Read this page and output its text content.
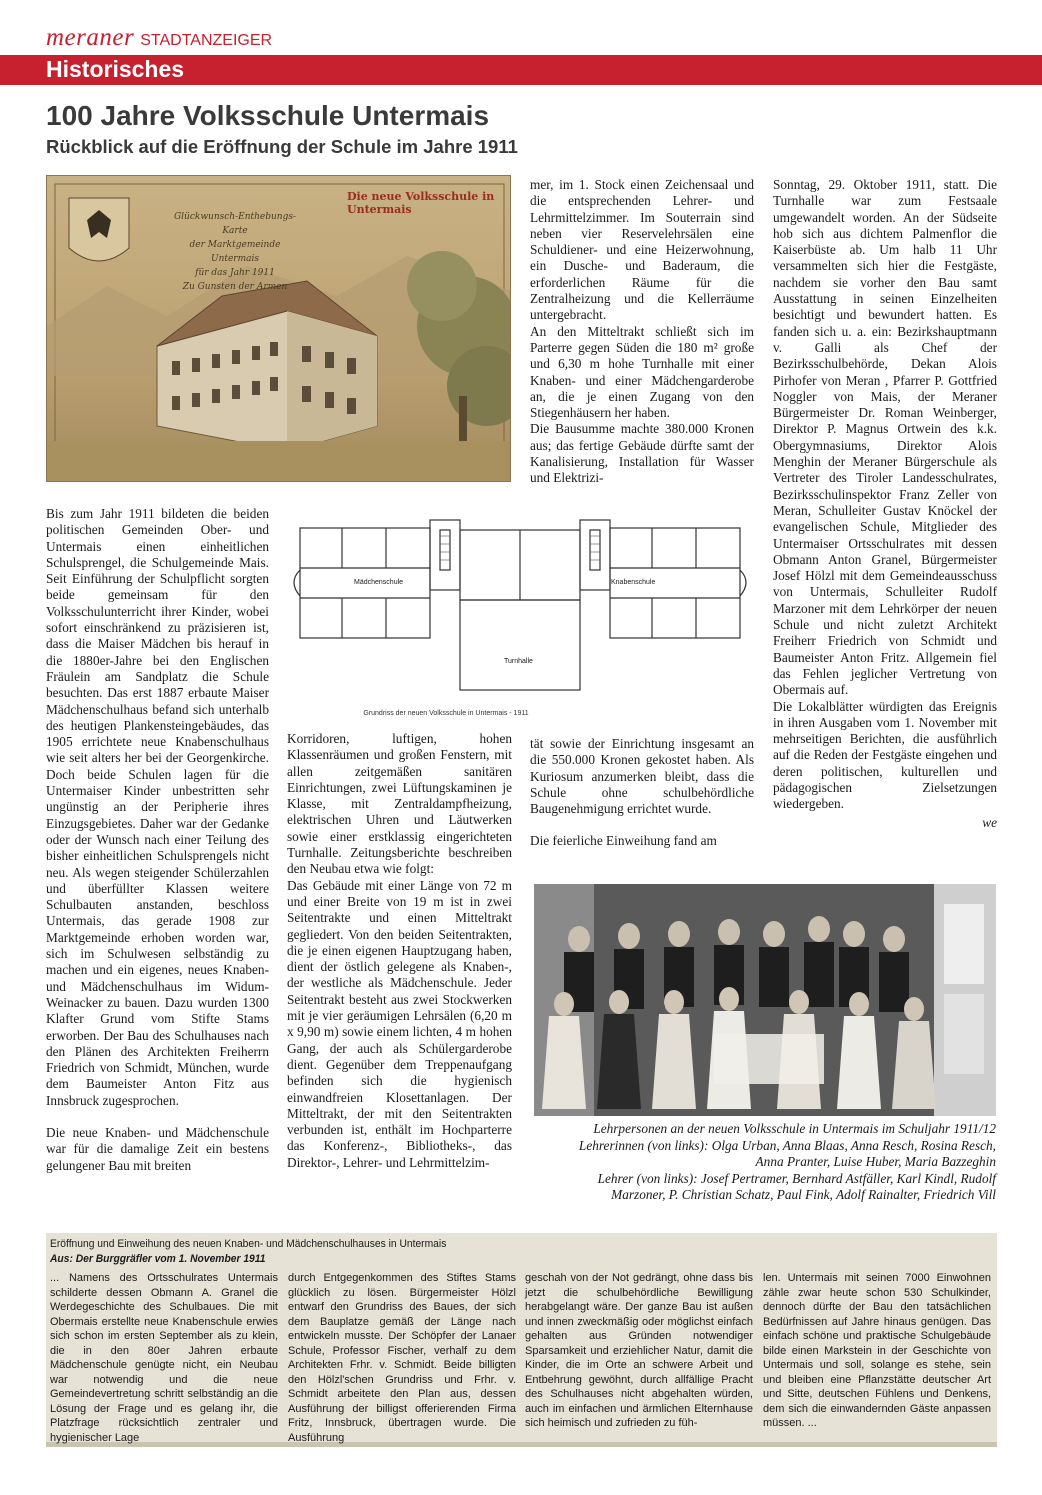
meraner STADTANZEIGER
Historisches
100 Jahre Volksschule Untermais
Rückblick auf die Eröffnung der Schule im Jahre 1911
Die neue Volksschule in Untermais
Glückwunsch-Enthebungs-Karte
der Marktgemeinde Untermais
für das Jahr 1911
Zu Gunsten der Armen

Bis zum Jahr 1911 bildeten die beiden politischen Gemeinden Ober- und Untermais einen einheitlichen Schulsprengel, die Schulgemeinde Mais. Seit Einführung der Schulpflicht sorgten beide gemeinsam für den Volksschulunterricht ihrer Kinder, wobei sofort einschränkend zu präzisieren ist, dass die Maiser Mädchen bis herauf in die 1880er-Jahre bei den Englischen Fräulein am Sandplatz die Schule besuchten. Das erst 1887 erbaute Maiser Mädchenschulhaus befand sich unterhalb des heutigen Plankensteingebäudes, das 1905 errichtete neue Knabenschulhaus wie seit alters her bei der Georgenkirche. Doch beide Schulen lagen für die Untermaiser Kinder unbestritten sehr ungünstig an der Peripherie ihres Einzugsgebietes. Daher war der Gedanke oder der Wunsch nach einer Teilung des bisher einheitlichen Schulsprengels nicht neu. Als wegen steigender Schülerzahlen und überfüllter Klassen weitere Schulbauten anstanden, beschloss Untermais, das gerade 1908 zur Marktgemeinde erhoben worden war, sich im Schulwesen selbständig zu machen und ein eigenes, neues Knaben- und Mädchenschulhaus im Widum-Weinacker zu bauen. Dazu wurden 1300 Klafter Grund vom Stifte Stams erworben. Der Bau des Schulhauses nach den Plänen des Architekten Freiherrn Friedrich von Schmidt, München, wurde dem Baumeister Anton Fitz aus Innsbruck zugesprochen.

Die neue Knaben- und Mädchenschule war für die damalige Zeit ein bestens gelungener Bau mit breiten

Mädchenschule	Knabenschule
Turnhalle
Grundriss der neuen Volksschule in Untermais - 1911

Korridoren, luftigen, hohen Klassenräumen und großen Fenstern, mit allen zeitgemäßen sanitären Einrichtungen, zwei Lüftungskaminen je Klasse, mit Zentraldampfheizung, elektrischen Uhren und Läutwerken sowie einer erstklassig eingerichteten Turnhalle. Zeitungsberichte beschreiben den Neubau etwa wie folgt:

Das Gebäude mit einer Länge von 72 m und einer Breite von 19 m ist in zwei Seitentrakte und einen Mitteltrakt gegliedert. Von den beiden Seitentrakten, die je einen eigenen Hauptzugang haben, dient der östlich gelegene als Knaben-, der westliche als Mädchenschule. Jeder Seitentrakt besteht aus zwei Stockwerken mit je vier geräumigen Lehrsälen (6,20 m x 9,90 m) sowie einem lichten, 4 m hohen Gang, der auch als Schülergarderobe dient. Gegenüber dem Treppenaufgang befinden sich die hygienisch einwandfreien Klosettanlagen. Der Mitteltrakt, der mit den Seitentrakten verbunden ist, enthält im Hochparterre das Konferenz-, Bibliotheks-, das Direktor-, Lehrer- und Lehrmittelzim-

mer, im 1. Stock einen Zeichensaal und die entsprechenden Lehrer- und Lehrmittelzimmer. Im Souterrain sind neben vier Reservelehrsälen eine Schuldiener- und eine Heizerwohnung, ein Dusche- und Baderaum, die erforderlichen Räume für die Zentralheizung und die Kellerräume untergebracht.

An den Mitteltrakt schließt sich im Parterre gegen Süden die 180 m² große und 6,30 m hohe Turnhalle mit einer Knaben- und einer Mädchengarderobe an, die je einen Zugang von den Stiegenhäusern her haben.

Die Bausumme machte 380.000 Kronen aus; das fertige Gebäude dürfte samt der Kanalisierung, Installation für Wasser und Elektrizi-

tät sowie der Einrichtung insgesamt an die 550.000 Kronen gekostet haben. Als Kuriosum anzumerken bleibt, dass die Schule ohne schulbehördliche Baugenehmigung errichtet wurde.

Die feierliche Einweihung fand am

Sonntag, 29. Oktober 1911, statt. Die Turnhalle war zum Festsaale umgewandelt worden. An der Südseite hob sich aus dichtem Palmenflor die Kaiserbüste ab. Um halb 11 Uhr versammelten sich hier die Festgäste, nachdem sie vorher den Bau samt Ausstattung in seinen Einzelheiten besichtigt und bewundert hatten. Es fanden sich u. a. ein: Bezirkshauptmann v. Galli als Chef der Bezirksschulbehörde, Dekan Alois Pirhofer von Meran , Pfarrer P. Gottfried Noggler von Mais, der Meraner Bürgermeister Dr. Roman Weinberger, Direktor P. Magnus Ortwein des k.k. Obergymnasiums, Direktor Alois Menghin der Meraner Bürgerschule als Vertreter des Tiroler Landesschulrates, Bezirksschulinspektor Franz Zeller von Meran, Schulleiter Gustav Knöckel der evangelischen Schule, Mitglieder des Untermaiser Ortsschulrates mit dessen Obmann Anton Granel, Bürgermeister Josef Hölzl mit dem Gemeindeausschuss von Untermais, Schulleiter Rudolf Marzoner mit dem Lehrkörper der neuen Schule und nicht zuletzt Architekt Freiherr Friedrich von Schmidt und Baumeister Anton Fritz. Allgemein fiel das Fehlen jeglicher Vertretung von Obermais auf.

Die Lokalblätter würdigten das Ereignis in ihren Ausgaben vom 1. November mit mehrseitigen Berichten, die ausführlich auf die Reden der Festgäste eingehen und deren politischen, kulturellen und pädagogischen Zielsetzungen wiedergeben.

we
Lehrpersonen an der neuen Volksschule in Untermais im Schuljahr 1911/12
Lehrerinnen (von links): Olga Urban, Anna Blaas, Anna Resch, Rosina Resch,
Anna Pranter, Luise Huber, Maria Bazzeghin
Lehrer (von links): Josef Pertramer, Bernhard Astfäller, Karl Kindl, Rudolf
Marzoner, P. Christian Schatz, Paul Fink, Adolf Rainalter, Friedrich Vill
Eröffnung und Einweihung des neuen Knaben- und Mädchenschulhauses in Untermais
Aus: Der Burggräfler vom 1. November 1911
... Namens des Ortsschulrates Untermais schilderte dessen Obmann A. Granel die Werdegeschichte des Schulbaues. Die mit Obermais erstellte neue Knabenschule erwies sich schon im ersten September als zu klein, die in den 80er Jahren erbaute Mädchenschule genügte nicht, ein Neubau war notwendig und die neue Gemeindevertretung schritt selbständig an die Lösung der Frage und es gelang ihr, die Platzfrage rücksichtlich zentraler und hygienischer Lage
durch Entgegenkommen des Stiftes Stams glücklich zu lösen. Bürgermeister Hölzl entwarf den Grundriss des Baues, der sich dem Bauplatze gemäß der Länge nach entwickeln musste. Der Schöpfer der Lanaer Schule, Professor Fischer, verhalf zu dem Architekten Frhr. v. Schmidt. Beide billigten den Hölzl'schen Grundriss und Frhr. v. Schmidt arbeitete den Plan aus, dessen Ausführung der billigst offerierenden Firma Fritz, Innsbruck, übertragen wurde. Die Ausführung
geschah von der Not gedrängt, ohne dass bis jetzt die schulbehördliche Bewilligung herabgelangt wäre. Der ganze Bau ist außen und innen zweckmäßig oder möglichst einfach gehalten aus Gründen notwendiger Sparsamkeit und erziehlicher Natur, damit die Kinder, die im Orte an schwere Arbeit und Entbehrung gewöhnt, durch allfällige Pracht des Schulhauses nicht abgehalten würden, auch im einfachen und ärmlichen Elternhause sich heimisch und zufrieden zu füh-
len. Untermais mit seinen 7000 Einwohnen zähle zwar heute schon 530 Schulkinder, dennoch dürfte der Bau den tatsächlichen Bedürfnissen auf Jahre hinaus genügen. Das einfach schöne und praktische Schulgebäude bilde einen Markstein in der Geschichte von Untermais und soll, solange es stehe, sein und bleiben eine Pflanzstätte deutscher Art und Sitte, deutschen Fühlens und Denkens, dem sich die einwandernden Gäste anpassen müssen. ...
